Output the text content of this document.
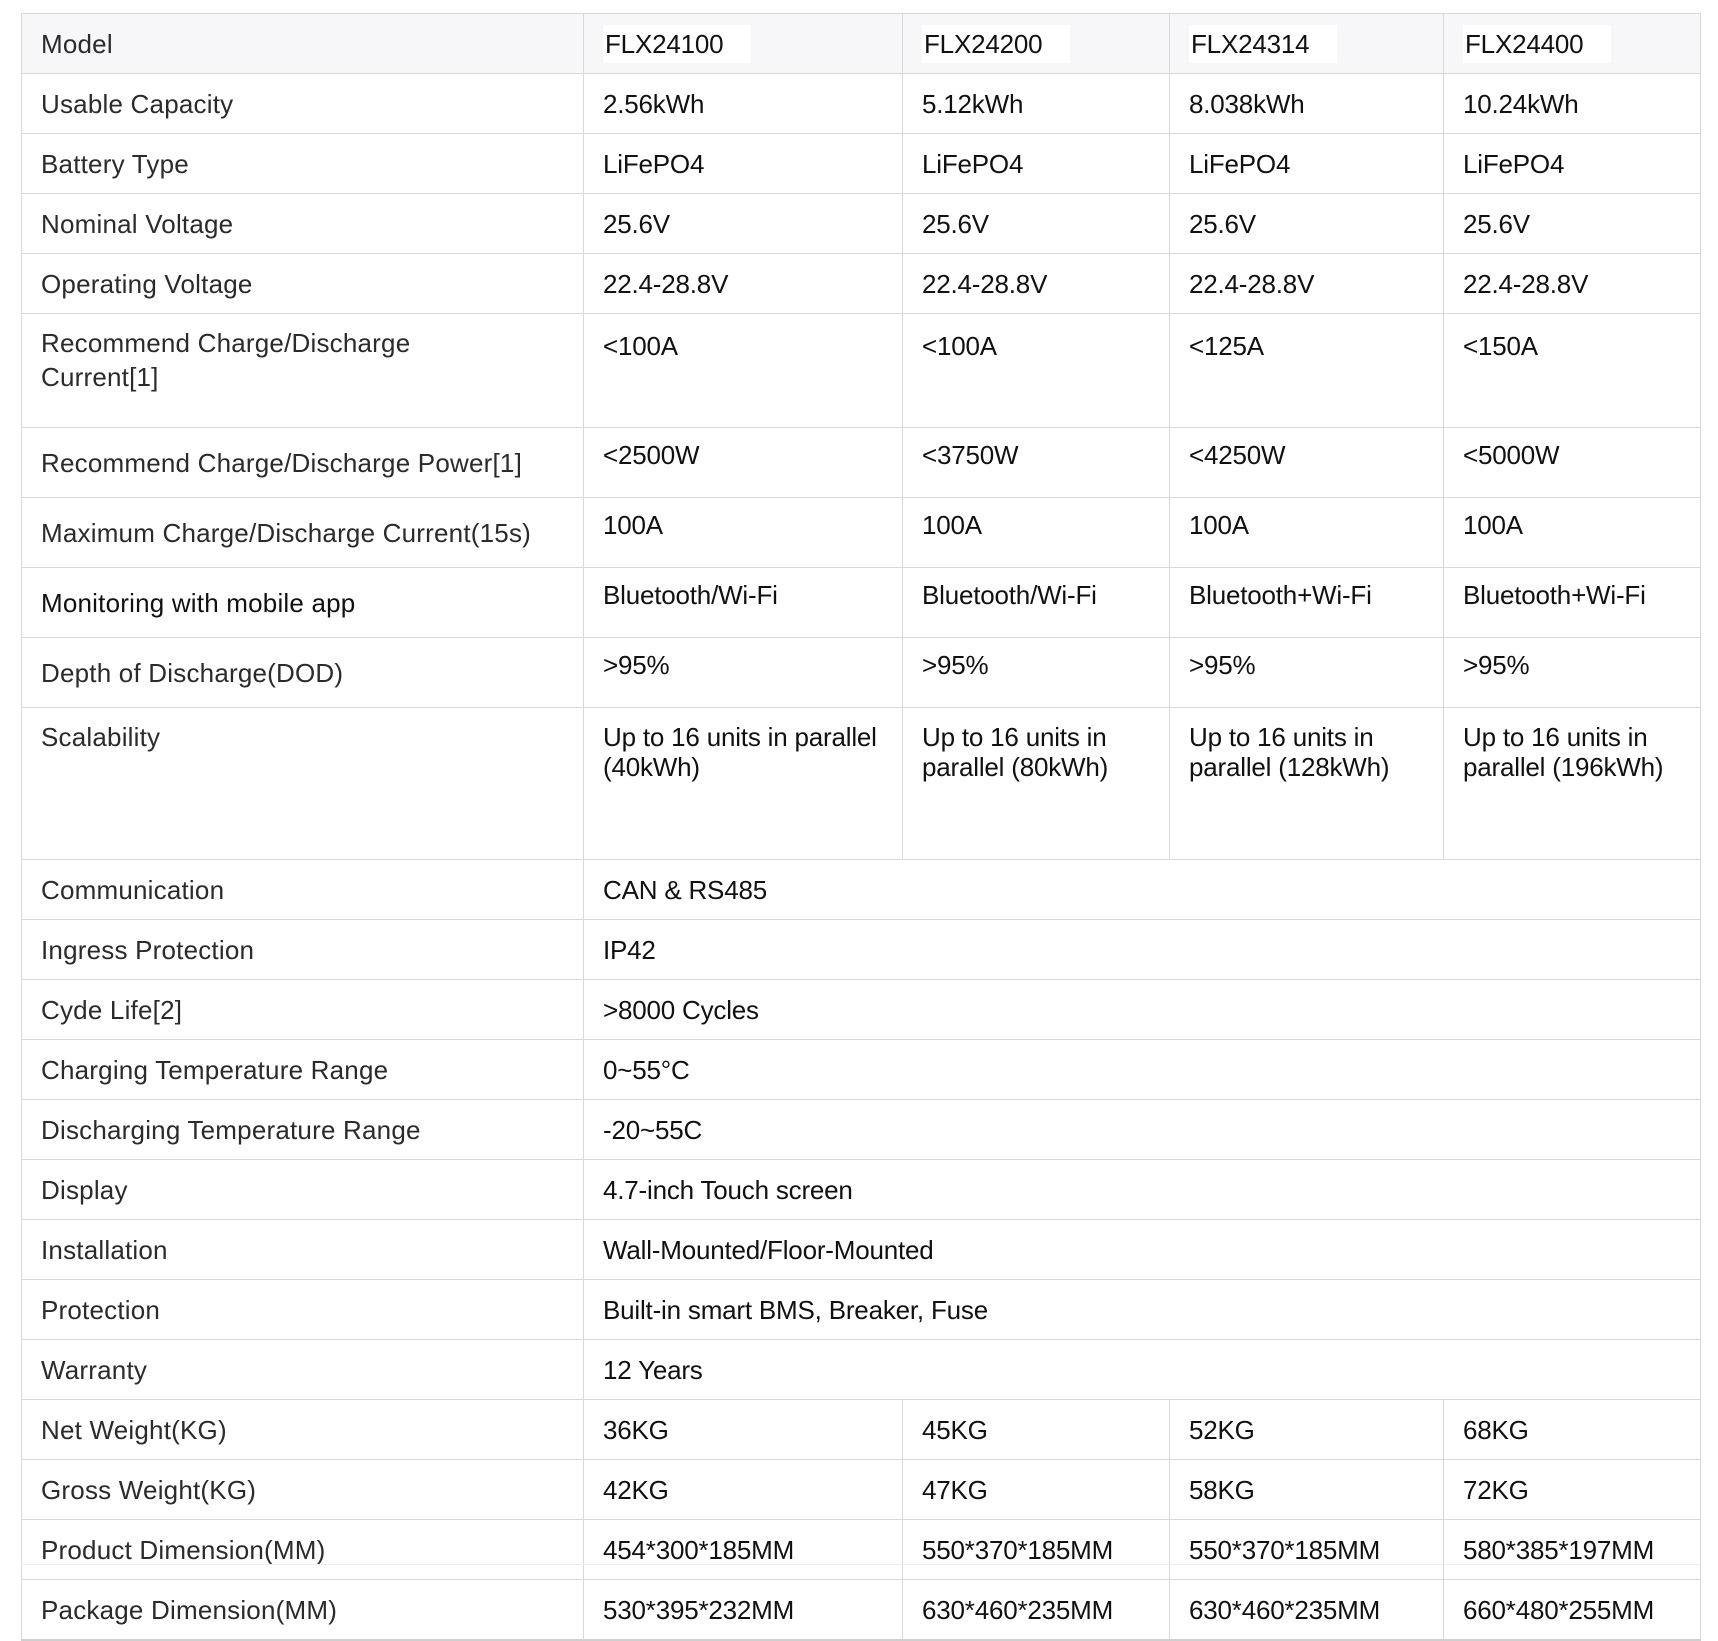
Model	FLX24100	FLX24200	FLX24314	FLX24400
Usable Capacity	2.56kWh	5.12kWh	8.038kWh	10.24kWh
Battery Type	LiFePO4	LiFePO4	LiFePO4	LiFePO4
Nominal Voltage	25.6V	25.6V	25.6V	25.6V
Operating Voltage	22.4-28.8V	22.4-28.8V	22.4-28.8V	22.4-28.8V
Recommend Charge/Discharge Current[1]	<100A	<100A	<125A	<150A
Recommend Charge/Discharge Power[1]	<2500W	<3750W	<4250W	<5000W
Maximum Charge/Discharge Current(15s)	100A	100A	100A	100A
Monitoring with mobile app	Bluetooth/Wi-Fi	Bluetooth/Wi-Fi	Bluetooth+Wi-Fi	Bluetooth+Wi-Fi
Depth of Discharge(DOD)	>95%	>95%	>95%	>95%
Scalability	Up to 16 units in parallel (40kWh)	Up to 16 units in parallel (80kWh)	Up to 16 units in parallel (128kWh)	Up to 16 units in parallel (196kWh)
Communication	CAN & RS485			
Ingress Protection	IP42			
Cyde Life[2]	>8000 Cycles			
Charging Temperature Range	0~55°C			
Discharging Temperature Range	-20~55C			
Display	4.7-inch Touch screen			
Installation	Wall-Mounted/Floor-Mounted			
Protection	Built-in smart BMS, Breaker, Fuse			
Warranty	12 Years			
Net Weight(KG)	36KG	45KG	52KG	68KG
Gross Weight(KG)	42KG	47KG	58KG	72KG
Product Dimension(MM)	454*300*185MM	550*370*185MM	550*370*185MM	580*385*197MM
Package Dimension(MM)	530*395*232MM	630*460*235MM	630*460*235MM	660*480*255MM
